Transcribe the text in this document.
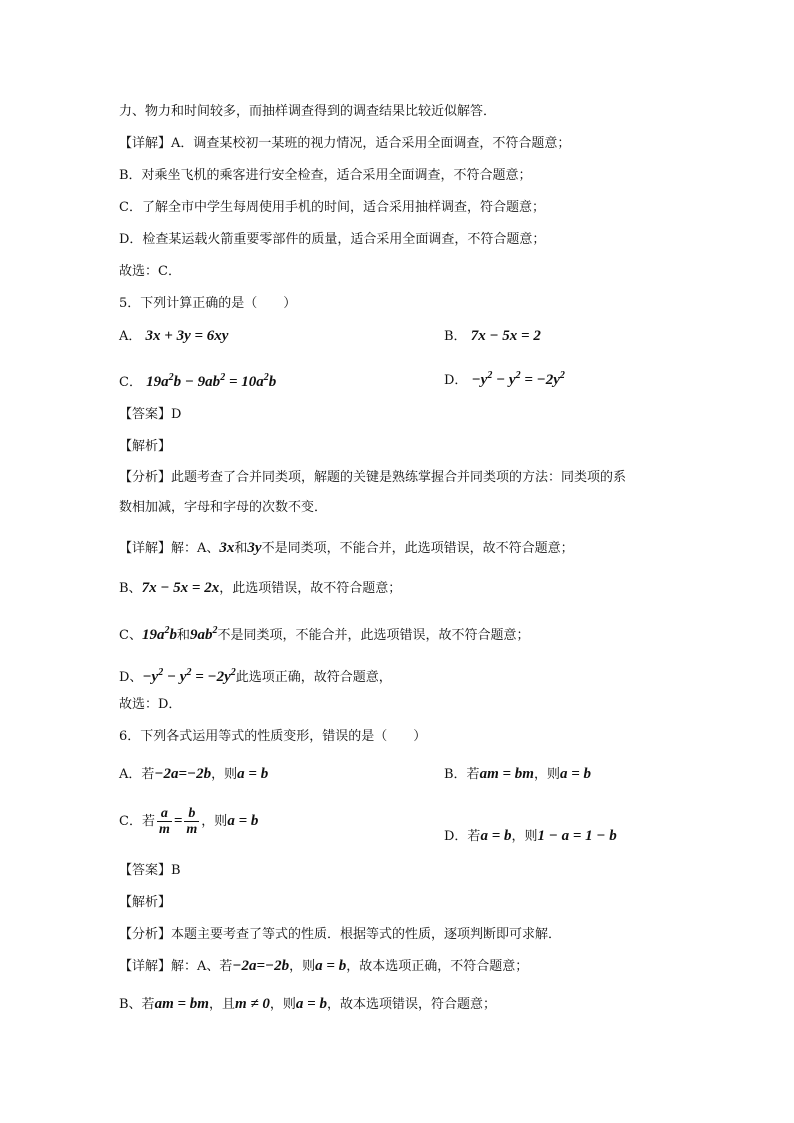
力、物力和时间较多，而抽样调查得到的调查结果比较近似解答．
【详解】A．调查某校初一某班的视力情况，适合采用全面调查，不符合题意；
B．对乘坐飞机的乘客进行安全检查，适合采用全面调查，不符合题意；
C．了解全市中学生每周使用手机的时间，适合采用抽样调查，符合题意；
D．检查某运载火箭重要零部件的质量，适合采用全面调查，不符合题意；
故选：C．
5．下列计算正确的是（　　）
A． 3x + 3y = 6xy	B． 7x − 5x = 2
C． $19a^2b - 9ab^2 = 10a^2b$	D． $-y^2 - y^2 = -2y^2$
【答案】D
【解析】
【分析】此题考查了合并同类项，解题的关键是熟练掌握合并同类项的方法：同类项的系
数相加减，字母和字母的次数不变．
【详解】解：A、3x和3y不是同类项，不能合并，此选项错误，故不符合题意；
B、7x − 5x = 2x，此选项错误，故不符合题意；
C、$19a^2b$和$9ab^2$不是同类项，不能合并，此选项错误，故不符合题意；
D、$-y^2 - y^2 = -2y^2$此选项正确，故符合题意，
故选：D．
6．下列各式运用等式的性质变形，错误的是（　　）
A．若−2a=−2b，则a = b	B．若am = bm，则a = b
C．若 $\frac{a}{m} = \frac{b}{m}$ ，则a = b
D．若a = b，则1 − a = 1 − b
【答案】B
【解析】
【分析】本题主要考查了等式的性质．根据等式的性质，逐项判断即可求解．
【详解】解：A、若−2a=−2b，则a = b，故本选项正确，不符合题意；
B、若am = bm，且m ≠ 0，则a = b，故本选项错误，符合题意；
